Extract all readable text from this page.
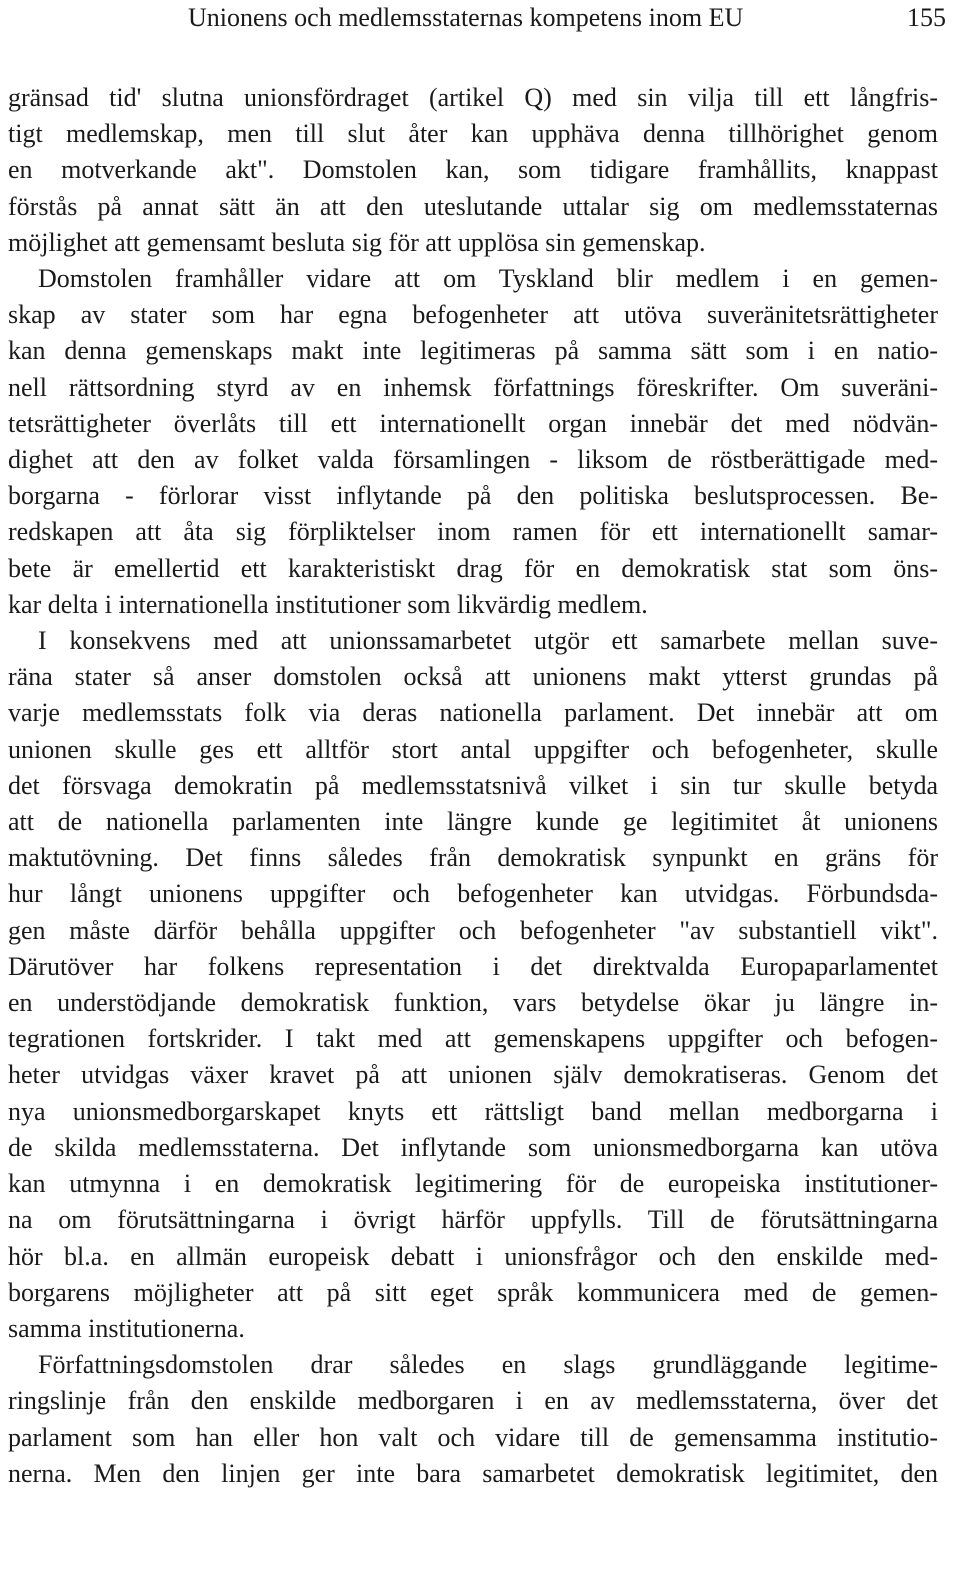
Unionens och medlemsstaternas kompetens inom EU	155

gränsad tid' slutna unionsfördraget (artikel Q) med sin vilja till ett långfris-
tigt medlemskap, men till slut åter kan upphäva denna tillhörighet genom
en motverkande akt". Domstolen kan, som tidigare framhållits, knappast
förstås på annat sätt än att den uteslutande uttalar sig om medlemsstaternas
möjlighet att gemensamt besluta sig för att upplösa sin gemenskap.

Domstolen framhåller vidare att om Tyskland blir medlem i en gemen-
skap av stater som har egna befogenheter att utöva suveränitetsrättigheter
kan denna gemenskaps makt inte legitimeras på samma sätt som i en natio-
nell rättsordning styrd av en inhemsk författnings föreskrifter. Om suveräni-
tetsrättigheter överlåts till ett internationellt organ innebär det med nödvän-
dighet att den av folket valda församlingen - liksom de röstberättigade med-
borgarna - förlorar visst inflytande på den politiska beslutsprocessen. Be-
redskapen att åta sig förpliktelser inom ramen för ett internationellt samar-
bete är emellertid ett karakteristiskt drag för en demokratisk stat som öns-
kar delta i internationella institutioner som likvärdig medlem.

I konsekvens med att unionssamarbetet utgör ett samarbete mellan suve-
räna stater så anser domstolen också att unionens makt ytterst grundas på
varje medlemsstats folk via deras nationella parlament. Det innebär att om
unionen skulle ges ett alltför stort antal uppgifter och befogenheter, skulle
det försvaga demokratin på medlemsstatsnivå vilket i sin tur skulle betyda
att de nationella parlamenten inte längre kunde ge legitimitet åt unionens
maktutövning. Det finns således från demokratisk synpunkt en gräns för
hur långt unionens uppgifter och befogenheter kan utvidgas. Förbundsda-
gen måste därför behålla uppgifter och befogenheter "av substantiell vikt".
Därutöver har folkens representation i det direktvalda Europaparlamentet
en understödjande demokratisk funktion, vars betydelse ökar ju längre in-
tegrationen fortskrider. I takt med att gemenskapens uppgifter och befogen-
heter utvidgas växer kravet på att unionen själv demokratiseras. Genom det
nya unionsmedborgarskapet knyts ett rättsligt band mellan medborgarna i
de skilda medlemsstaterna. Det inflytande som unionsmedborgarna kan utöva
kan utmynna i en demokratisk legitimering för de europeiska institutioner-
na om förutsättningarna i övrigt härför uppfylls. Till de förutsättningarna
hör bl.a. en allmän europeisk debatt i unionsfrågor och den enskilde med-
borgarens möjligheter att på sitt eget språk kommunicera med de gemen-
samma institutionerna.

Författningsdomstolen drar således en slags grundläggande legitime-
ringslinje från den enskilde medborgaren i en av medlemsstaterna, över det
parlament som han eller hon valt och vidare till de gemensamma institutio-
nerna. Men den linjen ger inte bara samarbetet demokratisk legitimitet, den
